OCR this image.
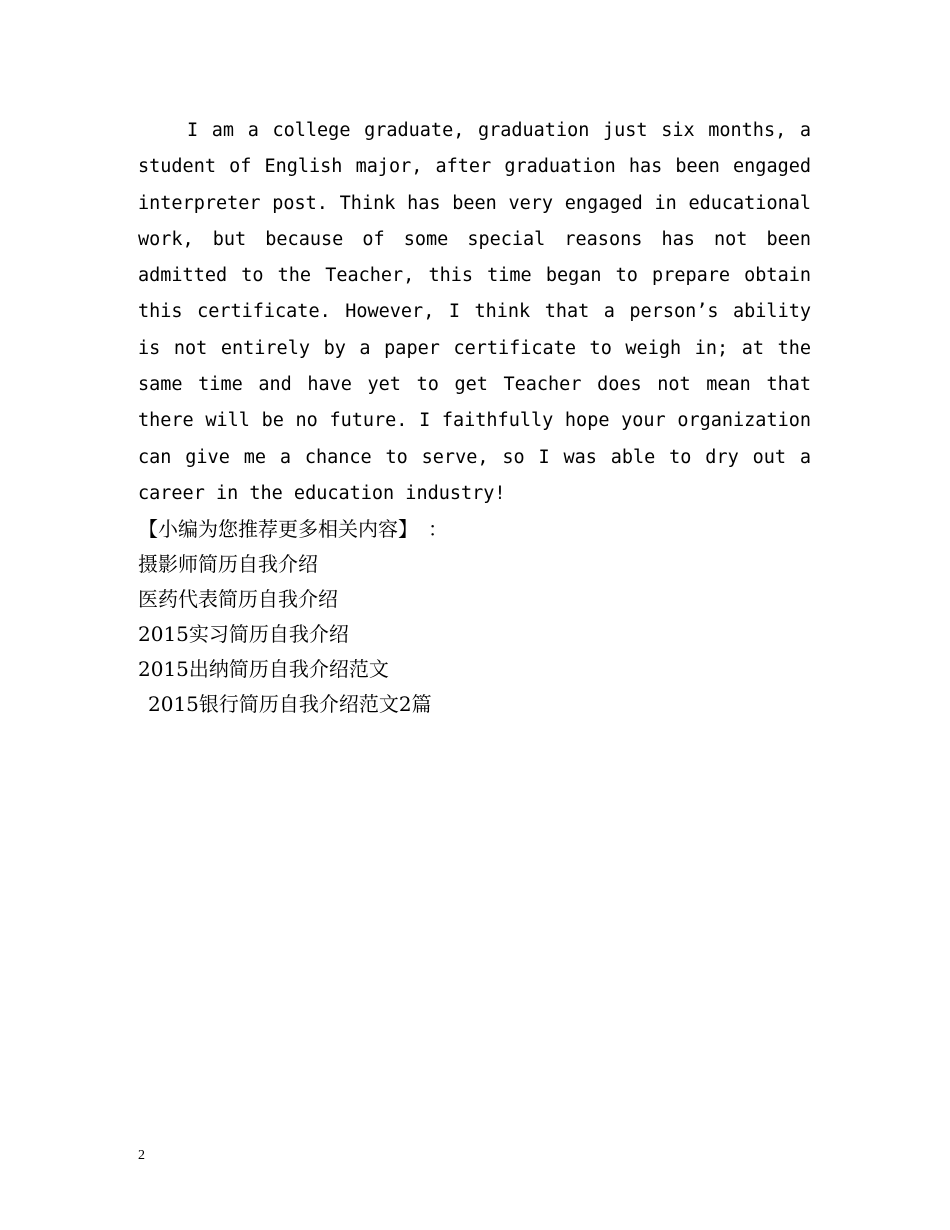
I am a college graduate, graduation just six months, a student of English major, after graduation has been engaged interpreter post. Think has been very engaged in educational work, but because of some special reasons has not been admitted to the Teacher, this time began to prepare obtain this certificate. However, I think that a person’s ability is not entirely by a paper certificate to weigh in; at the same time and have yet to get Teacher does not mean that there will be no future. I faithfully hope your organization can give me a chance to serve, so I was able to dry out a career in the education industry!

【小编为您推荐更多相关内容】　：
摄影师简历自我介绍
医药代表简历自我介绍
2015实习简历自我介绍
2015出纳简历自我介绍范文
2015银行简历自我介绍范文2篇
2
